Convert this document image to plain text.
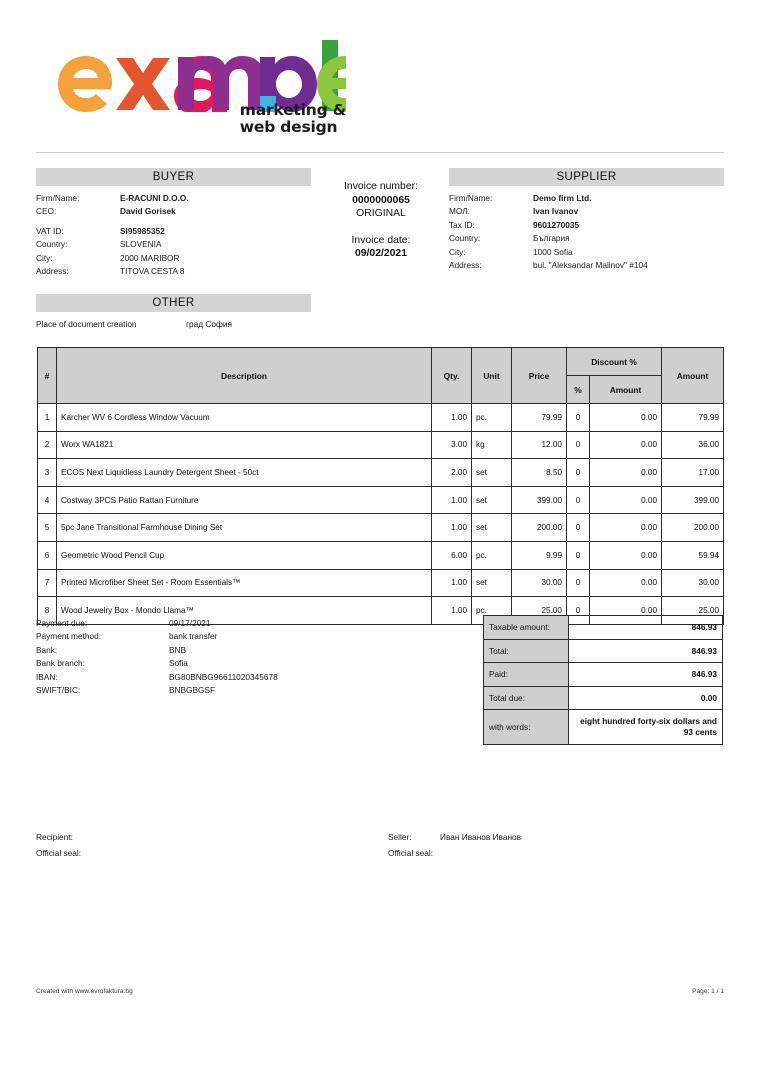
marketing &
web design
BUYER
Firm/Name:	E-RACUNI D.O.O.
CEO:	David Gorisek
VAT ID:	SI95985352
Country:	SLOVENIA
City:	2000 MARIBOR
Address:	TITOVA CESTA 8
Invoice number:
0000000065
ORIGINAL
Invoice date:
09/02/2021
SUPPLIER
Firm/Name:	Demo firm Ltd.
МОЛ:	Ivan Ivanov
Tax ID:	9601270035
Country:	България
City:	1000 Sofia
Address:	bul. "Aleksandar Malinov" #104
OTHER
Place of document creation	град София
#	Description	Qty.	Unit	Price	Discount %		Amount
					%	Amount	
1	Karcher WV 6 Cordless Window Vacuum	1.00	pc.	79.99	0	0.00	79.99
2	Worx WA1821	3.00	kg	12.00	0	0.00	36.00
3	ECOS Next Liquidless Laundry Detergent Sheet - 50ct	2.00	set	8.50	0	0.00	17.00
4	Costway 3PCS Patio Rattan Furniture	1.00	set	399.00	0	0.00	399.00
5	5pc Jane Transitional Farmhouse Dining Set	1.00	set	200.00	0	0.00	200.00
6	Geometric Wood Pencil Cup	6.00	pc.	9.99	0	0.00	59.94
7	Printed Microfiber Sheet Set - Room Essentials™	1.00	set	30.00	0	0.00	30.00
8	Wood Jewelry Box - Mondo Llama™	1.00	pc.	25.00	0	0.00	25.00
Payment due:	09/17/2021
Payment method:	bank transfer
Bank:	BNB
Bank branch:	Sofia
IBAN:	BG80BNBG96611020345678
SWIFT/BIC:	BNBGBGSF
Taxable amount:	846.93
Total:	846.93
Paid:	846.93
Total due:	0.00
with words:	eight hundred forty-six dollars and 93 cents
Recipient:
Official seal:
Seller:	Иван Иванов Иванов
Official seal:
Created with www.evrofaktura.bg	Page: 1 / 1
